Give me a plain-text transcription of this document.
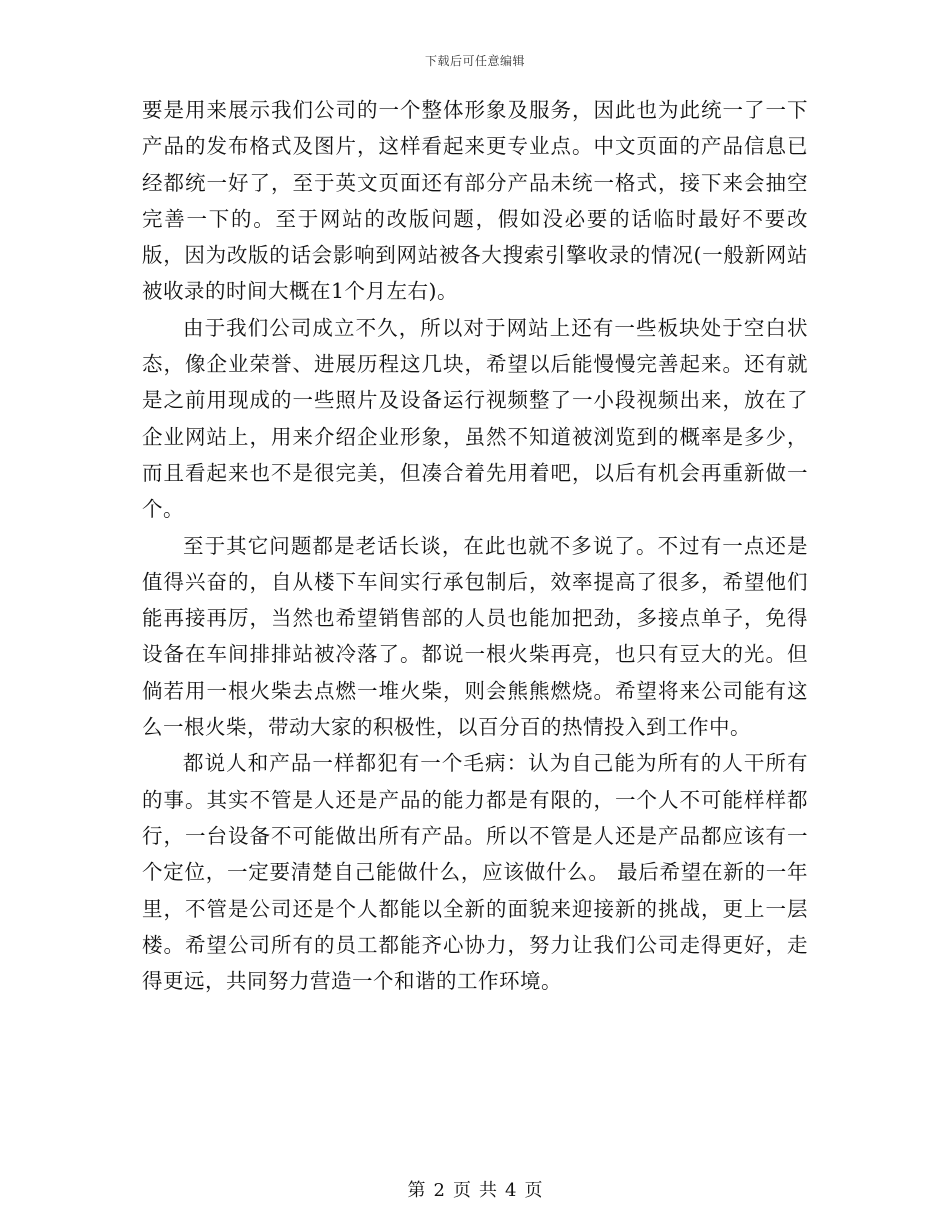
下载后可任意编辑

要是用来展示我们公司的一个整体形象及服务，因此也为此统一了一下产品的发布格式及图片，这样看起来更专业点。中文页面的产品信息已经都统一好了，至于英文页面还有部分产品未统一格式，接下来会抽空完善一下的。至于网站的改版问题，假如没必要的话临时最好不要改版，因为改版的话会影响到网站被各大搜索引擎收录的情况(一般新网站被收录的时间大概在1个月左右)。

由于我们公司成立不久，所以对于网站上还有一些板块处于空白状态，像企业荣誉、进展历程这几块，希望以后能慢慢完善起来。还有就是之前用现成的一些照片及设备运行视频整了一小段视频出来，放在了企业网站上，用来介绍企业形象，虽然不知道被浏览到的概率是多少，而且看起来也不是很完美，但凑合着先用着吧，以后有机会再重新做一个。

至于其它问题都是老话长谈，在此也就不多说了。不过有一点还是值得兴奋的，自从楼下车间实行承包制后，效率提高了很多，希望他们能再接再厉，当然也希望销售部的人员也能加把劲，多接点单子，免得设备在车间排排站被冷落了。都说一根火柴再亮，也只有豆大的光。但倘若用一根火柴去点燃一堆火柴，则会熊熊燃烧。希望将来公司能有这么一根火柴，带动大家的积极性，以百分百的热情投入到工作中。

都说人和产品一样都犯有一个毛病：认为自己能为所有的人干所有的事。其实不管是人还是产品的能力都是有限的，一个人不可能样样都行，一台设备不可能做出所有产品。所以不管是人还是产品都应该有一个定位，一定要清楚自己能做什么，应该做什么。 最后希望在新的一年里，不管是公司还是个人都能以全新的面貌来迎接新的挑战，更上一层楼。希望公司所有的员工都能齐心协力，努力让我们公司走得更好，走得更远，共同努力营造一个和谐的工作环境。

第 2 页 共 4 页
